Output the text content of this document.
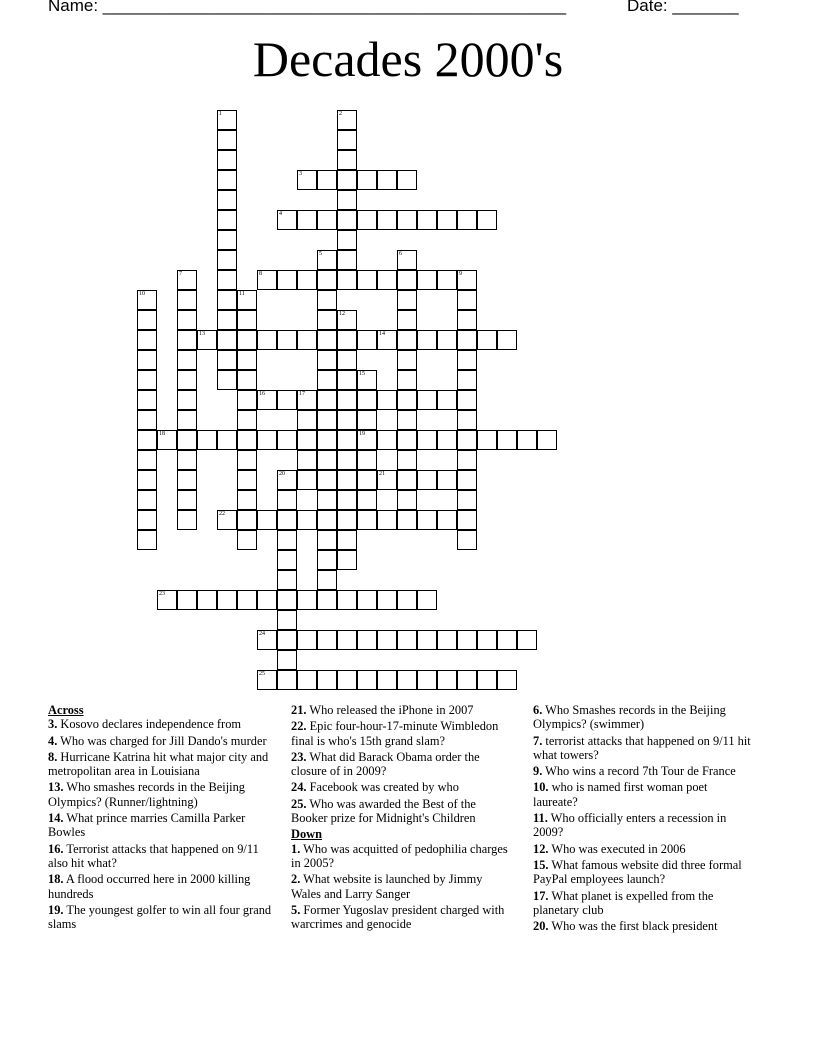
Name: _________________________________________________	Date: _______
Decades 2000's
1	2
3
4
5	6
7	8	9
10	11
12
13	14
15
19
16	17
18
20	21
22
23
24
25
Across
3. Kosovo declares independence from
4. Who was charged for Jill Dando's murder
8. Hurricane Katrina hit what major city and metropolitan area in Louisiana
13. Who smashes records in the Beijing Olympics? (Runner/lightning)
14. What prince marries Camilla Parker Bowles
16. Terrorist attacks that happened on 9/11 also hit what?
18. A flood occurred here in 2000 killing hundreds
19. The youngest golfer to win all four grand slams
21. Who released the iPhone in 2007
22. Epic four-hour-17-minute Wimbledon final is who's 15th grand slam?
23. What did Barack Obama order the closure of in 2009?
24. Facebook was created by who
25. Who was awarded the Best of the Booker prize for Midnight's Children
Down
1. Who was acquitted of pedophilia charges in 2005?
2. What website is launched by Jimmy Wales and Larry Sanger
5. Former Yugoslav president charged with warcrimes and genocide
6. Who Smashes records in the Beijing Olympics? (swimmer)
7. terrorist attacks that happened on 9/11 hit what towers?
9. Who wins a record 7th Tour de France
10. who is named first woman poet laureate?
11. Who officially enters a recession in 2009?
12. Who was executed in 2006
15. What famous website did three formal PayPal employees launch?
17. What planet is expelled from the planetary club
20. Who was the first black president
